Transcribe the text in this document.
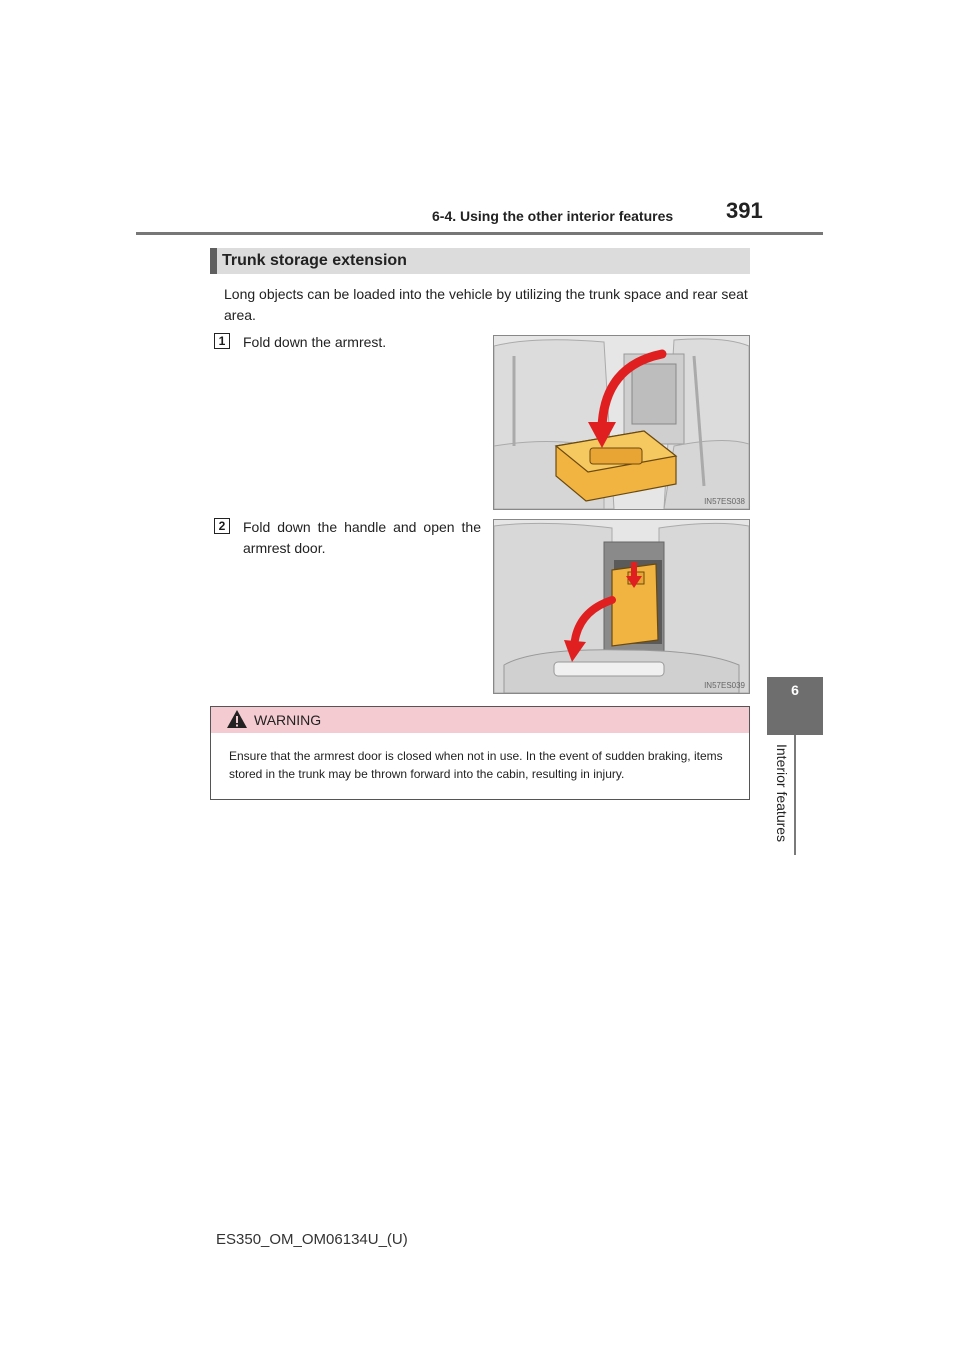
6-4. Using the other interior features 391
6
Interior features
Trunk storage extension
Long objects can be loaded into the vehicle by utilizing the trunk space and rear seat area.
1	Fold down the armrest.
IN57ES038
2	Fold down the handle and open the armrest door.
IN57ES039
WARNING
Ensure that the armrest door is closed when not in use. In the event of sudden braking, items stored in the trunk may be thrown forward into the cabin, resulting in injury.
ES350_OM_OM06134U_(U)
